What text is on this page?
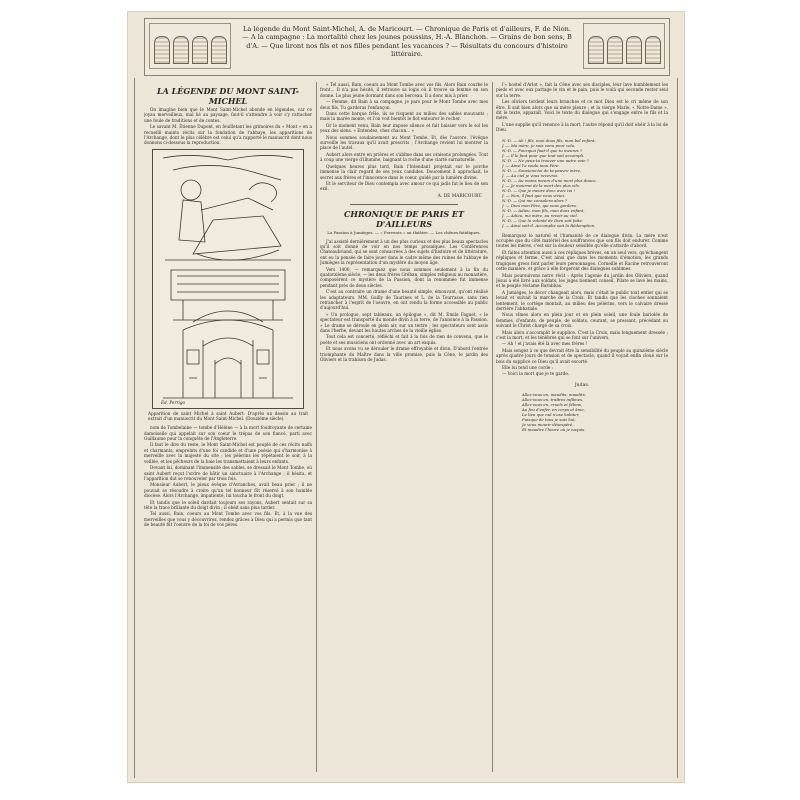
La légende du Mont Saint-Michel, A. de Maricourt. — Chronique de Paris et d'ailleurs, F. de Nion. — A la campagne : La mortalité chez les jeunes poussins, H.-A. Blanchon. — Grains de bon sens, B d'A. — Que liront nos fils et nos filles pendant les vacances ? — Résultats du concours d'histoire littéraire.
LA LÉGENDE DU MONT SAINT-MICHEL

On imagine bien que le Mont Saint-Michel abonde en légendes, car ce joyau merveilleux, mal lié au paysage, faut-il s'attendre à voir s'y rattacher une foule de traditions et de contes.

Le savant M. Étienne Dupont, en feuilletant les grimoires du « Mont » en a recueilli maints récits sur la fondation de l'abbaye, les apparitions de l'Archange, dont le plus célèbre est celui qu'a rapporté le manuscrit dont nous donnons ci-dessous la reproduction.

Ed. Perrigo
Apparition de saint Michel à saint Aubert. D'après un dessin au trait extrait d'un manuscrit du Mont Saint-Michel. (Douzième siècle).

nom de Tombelaine — tombe d'Hélène — à la mort foudroyante de certaine damoiselle qui appelait sur son coeur le trépas de son fiancé, parti avec Guillaume pour la conquête de l'Angleterre.

Il faut le dire du reste, le Mont Saint-Michel est peuplé de ces récits naïfs et charmants, empreints d'une foi candide et d'une poésie qui s'harmonise à merveille avec la majesté du site ; les pèlerins les répétaient le soir, à la veillée, et les pêcheurs de la baie les transmettaient à leurs enfants.

Devant lui, dominant l'immensité des sables, se dressait le Mont Tombe, où saint Aubert reçut l'ordre de bâtir un sanctuaire à l'Archange ; il hésita, et l'apparition dut se renouveler par trois fois.

Monsieur Aubert, le pieux évêque d'Avranches, avait beau prier ; il ne pouvait se résoudre à croire qu'un tel honneur fût réservé à son humble diocèse. Alors l'Archange, impatienté, lui toucha le front du doigt.

Et tandis que le soleil dardait toujours ses rayons, Aubert sentait sur sa tête la trace brûlante du doigt divin ; il obéit sans plus tarder.

Tel aussi, Bain, coeurs au Mont Tombe avec vos fils. Et, à la vue des merveilles que vous y découvrirez, rendez grâces à Dieu qui a permis que tant de beauté fût l'oeuvre de la foi de vos pères.

« Tel aussi, Bain, coeurs au Mont Tombe avec vos fils. Alors Bain courbe le front... Il n'a pas hésité, il retrouve sa logis où il trouve sa femme en son donne. Le plus jeune dormant dans son berceau. Il a donc mis à prier.

— Femme, dit Bain à sa compagne, je pars pour le Mont Tombe avec mes deux fils. Tu garderas l'enfançon.

Dans cette barque frêle, ils se risquent au milieu des sables mouvants ; mais la marée monte, et l'on voit bientôt le flot entourer le rocher.

Or le moment venu, Bain leur impose silence et fait baisser vers le sol les yeux des siens. « Entendez, chez chacun... »

Nous sommes soudainement au Mont Tombe. Et, dès l'aurore, l'évêque surveille les travaux qu'il avait prescrits ; l'Archange revient lui montrer la place de l'autel.

Aubert alors entre en prières et s'abîme dans ses oraisons prolongées. Tout à coup une vierge d'illumine, baignant la roche d'une clarté surnaturelle.

Quelques heures plus tard, Bain l'Intendant projetait sur le porche immense la clair regard de ses yeux candides. Doucement il approchait, le secret aux frères et l'innocence dans le coeur, guidé par la lumière divine.

Et le serviteur de Dieu contempla avec amour ce qui jadis fut le lieu de son exil.

A. DE MARICOURT.
CHRONIQUE DE PARIS ET D'AILLEURS
La Passion à Jumièges. — « Fervents » au théâtre. — Les chênes fatidiques.

J'ai assisté dernièrement à un des plus curieux et des plus beaux spectacles qu'il soit donné de voir en nos temps prosaïques. Les Conférences Chateaubriand, qui se sont consacrées à des sujets d'histoire et de littérature, ont eu la pensée de faire jouer dans le cadre même des ruines de l'abbaye de Jumièges la représentation d'un mystère du moyen âge.

Vers 1400, — remarquez que nous sommes seulement à la fin du quatorzième siècle, — les deux frères Gréban, simples religieux au monastère, composèrent ce mystère de la Passion, dont la renommée fut immense pendant près de deux siècles.

C'est au contraire un drame d'une beauté simple, émouvant, qu'ont réalisé les adaptateurs. MM. Gailly de Taurines et L. de la Tourrasse, sans rien retrancher à l'esprit de l'oeuvre, en ont rendu la forme accessible au public d'aujourd'hui.

« Un prologue, sept tableaux, un épilogue », dit M. Émile Faguet, « le spectateur est transporté du monde divin à la terre, de l'annonce à la Passion. » Le drame se déroule en plein air, sur un tertre ; les spectateurs sont assis dans l'herbe, devant les hautes arches de la vieille église.

Tout cela est concerté, réfléchi et fait à la fois de rien de convenu, que le poète et ses musiciens ont ordonné avec un art exquis.

Et nous avons vu se dérouler le drame effroyable et divin. D'abord l'entrée triomphante du Maître dans la ville promise, puis la Cène, le jardin des Oliviers et la trahison de Judas.

l'« hostel d'Arlot », fait la Cène avec ses disciples, leur lave humblement les pieds et avec eux partage le vin et le pain, puis le voilà qui seconde rester seul sur la terre.

Les oliviers tordent leurs branches et ce mot Dieu est le cri même de son être. Il sait bien alors que sa mère pleure ; et la vierge Marie, « Notre-Dame », dit le texte, apparaît. Voici le texte du dialogue qui s'engage entre le fils et la mère.

L'une supplie qu'il renonce à la mort, l'autre répond qu'il doit obéir à la loi de Dieu.

N.-D. — Ah ! fils, mon doux fils, mon bel enfant,
J. — Ma mère, je suis venu pour cela,
N.-D. — Pourquoi faut-il que tu meures ?
J. — Il le faut pour que tout soit accompli.
N.-D. — Ne peux-tu trouver une autre voie ?
J. — Ainsi l'a voulu mon Père.
N.-D. — Souviens-toi de ta pauvre mère,
J. — Au ciel je vous recevrai.
N.-D. — Au moins meurs d'une mort plus douce,
J. — Je mourrai de la mort des plus vils.
N.-D. — Que je meure donc avec toi !
J. — Non, il faut que vous viviez.
N.-D. — Qui me consolera alors ?
J. — Dieu mon Père, qui vous gardera.
N.-D. — Adieu, mon fils, mon doux enfant.
J. — Adieu, ma mère, au revoir au ciel.
N.-D. — Que la volonté de Dieu soit faite.
J. — Ainsi soit-il. Accomplie soit la Rédemption.

Remarquez le naturel et l'humanité de ce dialogue divin. La mère n'est occupée que du côté matériel des souffrances que son fils doit endurer. Comme toutes les mères, c'est sur la douleur sensible qu'elle s'attarde d'abord.

Et faites attention aussi à ces répliques brèves, en un seul vers, qu'échangent répliques et ferme. C'est ainsi que dans les moments d'émotion, les grands tragiques grecs font parler leurs personnages. Corneille et Racine retrouveront cette manière, et grâce à elle forgeront des dialogues sublimes.

Mais poursuivons notre récit : Après l'agonie du jardin des Oliviers, quand Jésus a été livré aux soldats, les juges tiennent conseil, Pilate se lave les mains, et le peuple réclame Barabbas.

A Jumièges, le décor changeait alors, mais c'était le public tout entier qui se levait et suivait la marche de la Croix. Et tandis que les cloches sonnaient lentement, le cortège montait, au milieu des pèlerins, vers le calvaire dressé derrière l'abbatiale.

Nous vîmes alors en plein jour et en plein soleil, une foule bariolée de femmes, d'enfants, de peuple, de soldats, courant, se pressant, précédant ou suivant le Christ chargé de sa croix.

Mais alors s'accomplit le supplice. C'est la Croix, mais longuement dressée ; c'est la mort, et les ténèbres qui se font sur l'univers.

— Ah ! et j'avais été là avec mes frères !

Mais songez à ce que devrait être la sensibilité du peuple au quinzième siècle après quatre jours de tension et de spectacle, quand il voyait enfin cloué sur le bois du supplice ce Dieu qu'il avait escorté.

Elle lui tend une corde :

— Voici la mort que je te garde.

Judas.
Allez-vous-en, maudits, maudits,
Allez-vous-en, traîtres infâmes,
Allez-vous-en, cruels et félons,
Au feu d'enfer, en corps et âme,
Le lieu que nul n'ose habiter,
Puisque de tous je suis haï,
Je veux mourir désespéré,
Et maudire l'heure où je naquis.
